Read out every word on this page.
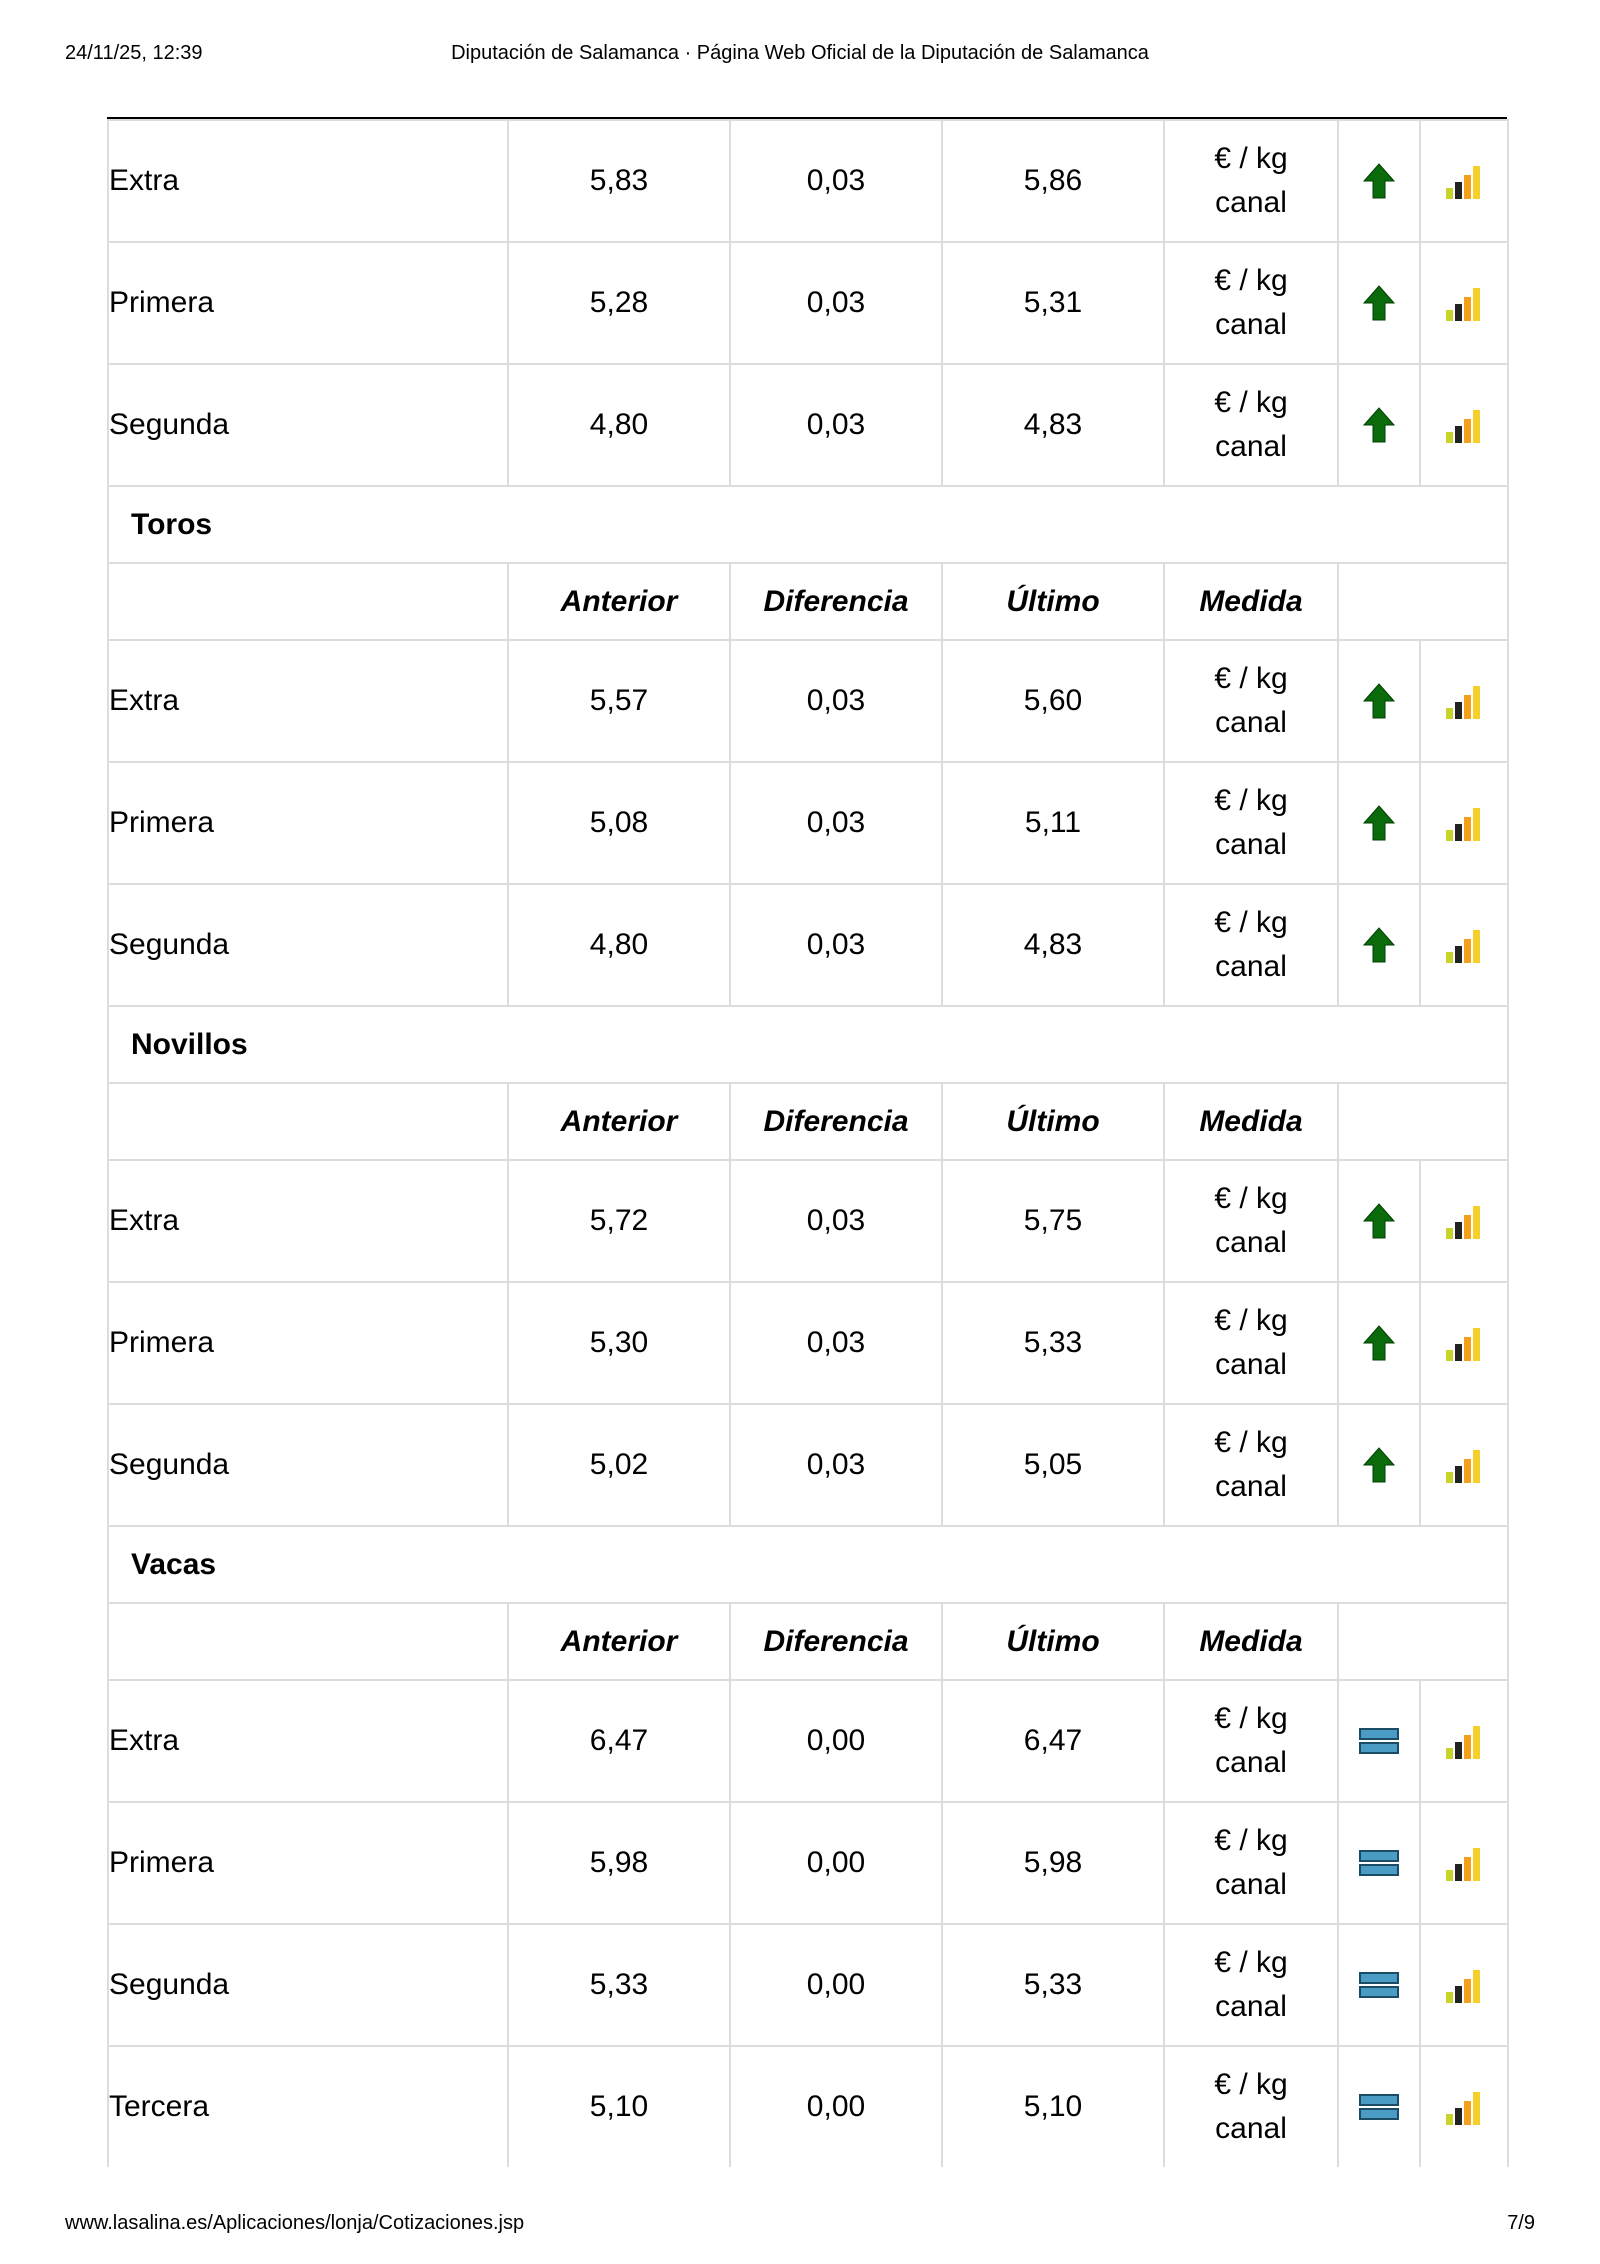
24/11/25, 12:39	Diputación de Salamanca · Página Web Oficial de la Diputación de Salamanca
Extra	5,83	0,03	5,86	€ / kg
canal

Primera	5,28	0,03	5,31	€ / kg
canal

Segunda	4,80	0,03	4,83	€ / kg
canal

Toros						
	Anterior	Diferencia	Último	Medida		
Extra	5,57	0,03	5,60	€ / kg
canal

Primera	5,08	0,03	5,11	€ / kg
canal

Segunda	4,80	0,03	4,83	€ / kg
canal

Novillos						
	Anterior	Diferencia	Último	Medida		
Extra	5,72	0,03	5,75	€ / kg
canal

Primera	5,30	0,03	5,33	€ / kg
canal

Segunda	5,02	0,03	5,05	€ / kg
canal

Vacas						
	Anterior	Diferencia	Último	Medida		
Extra	6,47	0,00	6,47	€ / kg
canal

Primera	5,98	0,00	5,98	€ / kg
canal

Segunda	5,33	0,00	5,33	€ / kg
canal

Tercera	5,10	0,00	5,10	€ / kg
canal

www.lasalina.es/Aplicaciones/lonja/Cotizaciones.jsp	7/9
